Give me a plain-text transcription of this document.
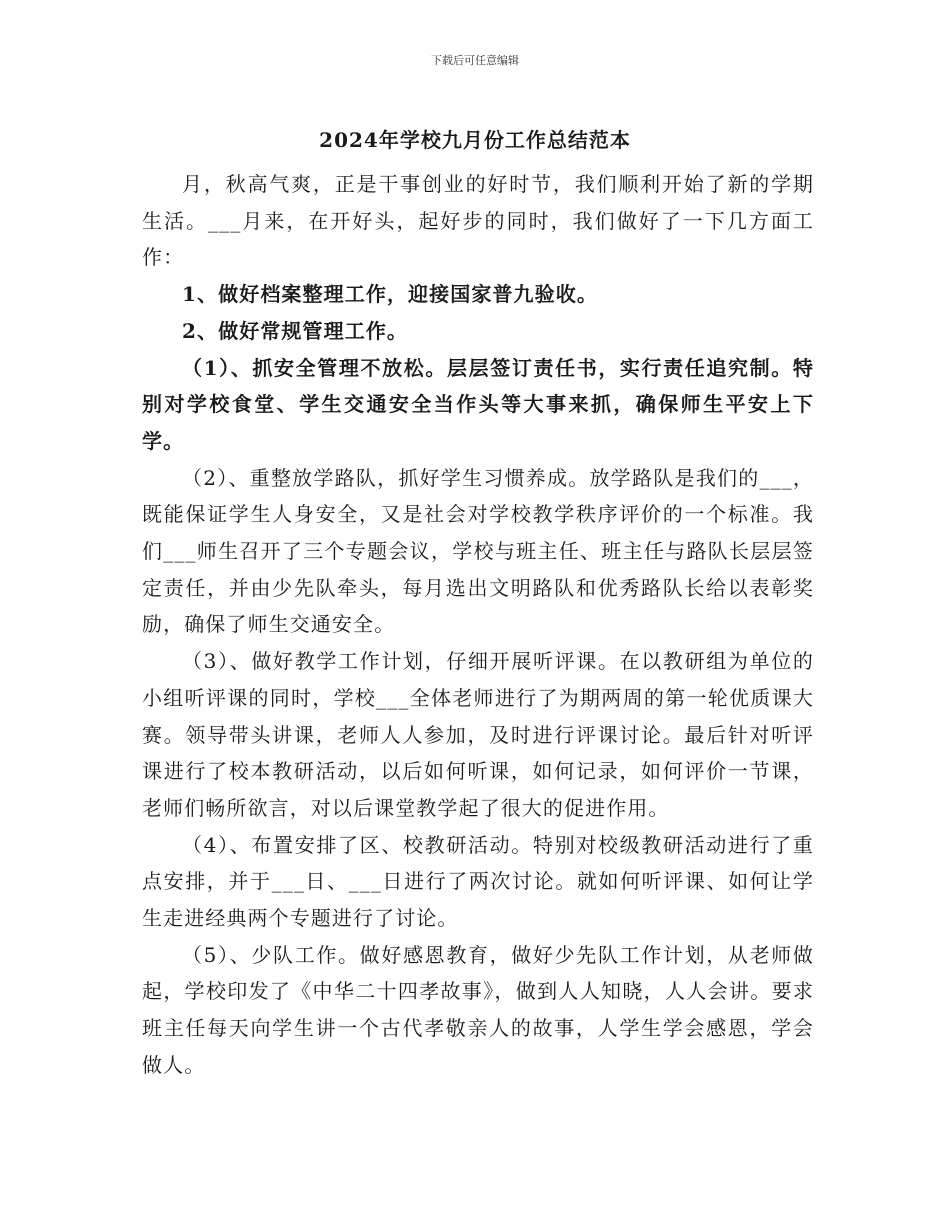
下载后可任意编辑
2024年学校九月份工作总结范本

月，秋高气爽，正是干事创业的好时节，我们顺利开始了新的学期生活。___月来，在开好头，起好步的同时，我们做好了一下几方面工作：

1、做好档案整理工作，迎接国家普九验收。

2、做好常规管理工作。

（1）、抓安全管理不放松。层层签订责任书，实行责任追究制。特别对学校食堂、学生交通安全当作头等大事来抓，确保师生平安上下学。

（2）、重整放学路队，抓好学生习惯养成。放学路队是我们的___，既能保证学生人身安全，又是社会对学校教学秩序评价的一个标准。我们___师生召开了三个专题会议，学校与班主任、班主任与路队长层层签定责任，并由少先队牵头，每月选出文明路队和优秀路队长给以表彰奖励，确保了师生交通安全。

（3）、做好教学工作计划，仔细开展听评课。在以教研组为单位的小组听评课的同时，学校___全体老师进行了为期两周的第一轮优质课大赛。领导带头讲课，老师人人参加，及时进行评课讨论。最后针对听评课进行了校本教研活动，以后如何听课，如何记录，如何评价一节课，老师们畅所欲言，对以后课堂教学起了很大的促进作用。

（4）、布置安排了区、校教研活动。特别对校级教研活动进行了重点安排，并于___日、___日进行了两次讨论。就如何听评课、如何让学生走进经典两个专题进行了讨论。

（5）、少队工作。做好感恩教育，做好少先队工作计划，从老师做起，学校印发了《中华二十四孝故事》，做到人人知晓，人人会讲。要求班主任每天向学生讲一个古代孝敬亲人的故事，人学生学会感恩，学会做人。
